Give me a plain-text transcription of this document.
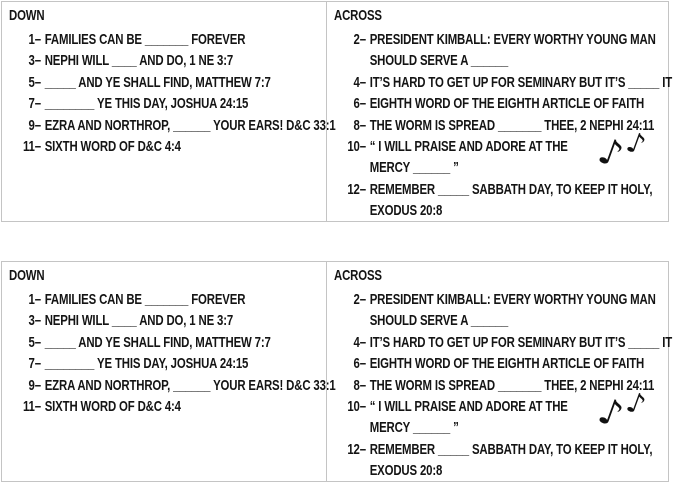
DOWN
1– FAMILIES CAN BE _______ FOREVER
3– NEPHI WILL ____ AND DO, 1 NE 3:7
5– _____ AND YE SHALL FIND, MATTHEW 7:7
7– ________ YE THIS DAY, JOSHUA 24:15
9– EZRA AND NORTHROP, ______ YOUR EARS! D&C 33:1
11– SIXTH WORD OF D&C 4:4
ACROSS
2– PRESIDENT KIMBALL: EVERY WORTHY YOUNG MAN
SHOULD SERVE A ______
4– IT’S HARD TO GET UP FOR SEMINARY BUT IT’S _____ IT
6– EIGHTH WORD OF THE EIGHTH ARTICLE OF FAITH
8– THE WORM IS SPREAD _______ THEE, 2 NEPHI 24:11
10– “ I WILL PRAISE AND ADORE AT THE
MERCY ______ ”
12– REMEMBER _____ SABBATH DAY, TO KEEP IT HOLY,
EXODUS 20:8
♪
♪
DOWN
1– FAMILIES CAN BE _______ FOREVER
3– NEPHI WILL ____ AND DO, 1 NE 3:7
5– _____ AND YE SHALL FIND, MATTHEW 7:7
7– ________ YE THIS DAY, JOSHUA 24:15
9– EZRA AND NORTHROP, ______ YOUR EARS! D&C 33:1
11– SIXTH WORD OF D&C 4:4
ACROSS
2– PRESIDENT KIMBALL: EVERY WORTHY YOUNG MAN
SHOULD SERVE A ______
4– IT’S HARD TO GET UP FOR SEMINARY BUT IT’S _____ IT
6– EIGHTH WORD OF THE EIGHTH ARTICLE OF FAITH
8– THE WORM IS SPREAD _______ THEE, 2 NEPHI 24:11
10– “ I WILL PRAISE AND ADORE AT THE
MERCY ______ ”
12– REMEMBER _____ SABBATH DAY, TO KEEP IT HOLY,
EXODUS 20:8
♪
♪
